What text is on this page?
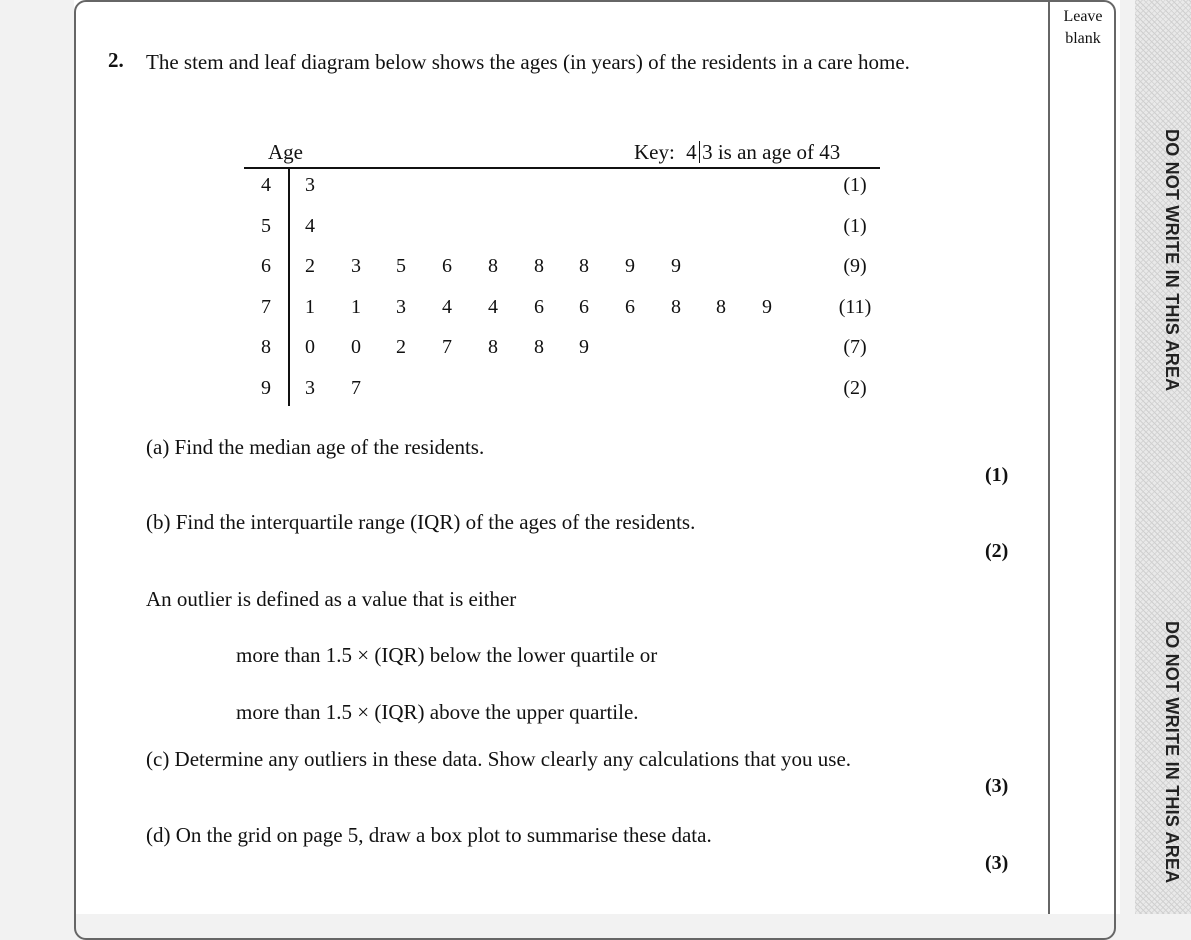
Leave blank
DO NOT WRITE IN THIS AREA
DO NOT WRITE IN THIS AREA
2. The stem and leaf diagram below shows the ages (in years) of the residents in a care home.
Age	Key: 4 3 is an age of 43
4 3	(1)
5 4	(1)
6 2 3 5 6 8 8 8 9 9	(9)
7 1 1 3 4 4 6 6 6 8 8 9	(11)
8 0 0 2 7 8 8 9	(7)
9 3 7	(2)
(a) Find the median age of the residents.
(1)
(b) Find the interquartile range (IQR) of the ages of the residents.
(2)
An outlier is defined as a value that is either
more than 1.5 × (IQR) below the lower quartile or
more than 1.5 × (IQR) above the upper quartile.
(c) Determine any outliers in these data. Show clearly any calculations that you use.
(3)
(d) On the grid on page 5, draw a box plot to summarise these data.
(3)
